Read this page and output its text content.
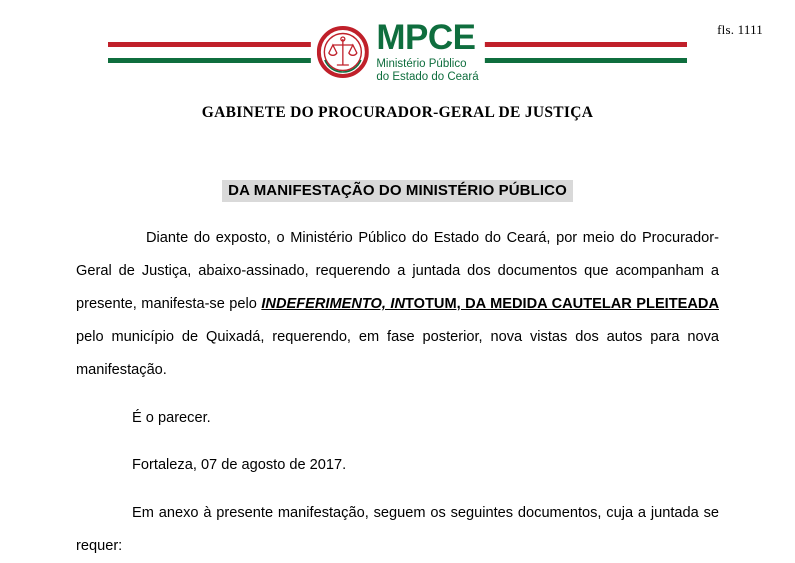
fls. 1111
MPCE
Ministério Público
do Estado do Ceará
GABINETE DO PROCURADOR-GERAL DE JUSTIÇA
DA MANIFESTAÇÃO DO MINISTÉRIO PÚBLICO

Diante do exposto, o Ministério Público do Estado do Ceará, por meio do Procurador-Geral de Justiça, abaixo-assinado, requerendo a juntada dos documentos que acompanham a presente, manifesta-se pelo INDEFERIMENTO, INTOTUM, DA MEDIDA CAUTELAR PLEITEADA pelo município de Quixadá, requerendo, em fase posterior, nova vistas dos autos para nova manifestação.

É o parecer.

Fortaleza, 07 de agosto de 2017.

Em anexo à presente manifestação, seguem os seguintes documentos, cuja a juntada se requer:
